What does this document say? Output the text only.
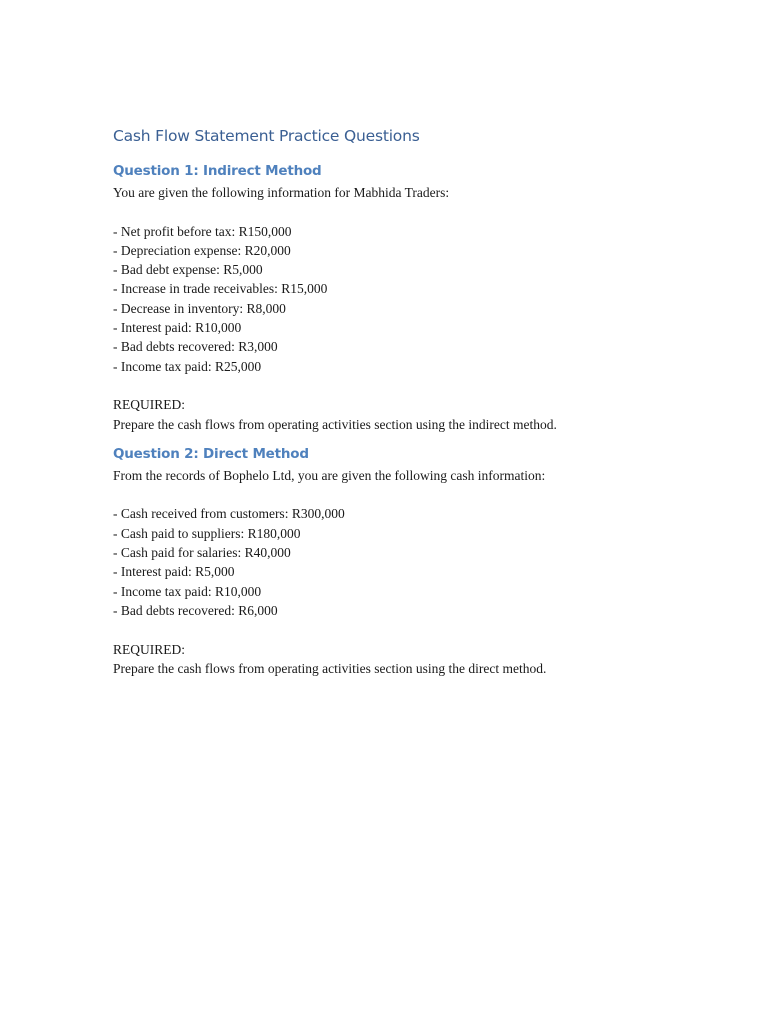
Cash Flow Statement Practice Questions
Question 1: Indirect Method

You are given the following information for Mabhida Traders:

- Net profit before tax: R150,000
- Depreciation expense: R20,000
- Bad debt expense: R5,000
- Increase in trade receivables: R15,000
- Decrease in inventory: R8,000
- Interest paid: R10,000
- Bad debts recovered: R3,000
- Income tax paid: R25,000

REQUIRED:

Prepare the cash flows from operating activities section using the indirect method.

Question 2: Direct Method

From the records of Bophelo Ltd, you are given the following cash information:

- Cash received from customers: R300,000
- Cash paid to suppliers: R180,000
- Cash paid for salaries: R40,000
- Interest paid: R5,000
- Income tax paid: R10,000
- Bad debts recovered: R6,000

REQUIRED:

Prepare the cash flows from operating activities section using the direct method.
